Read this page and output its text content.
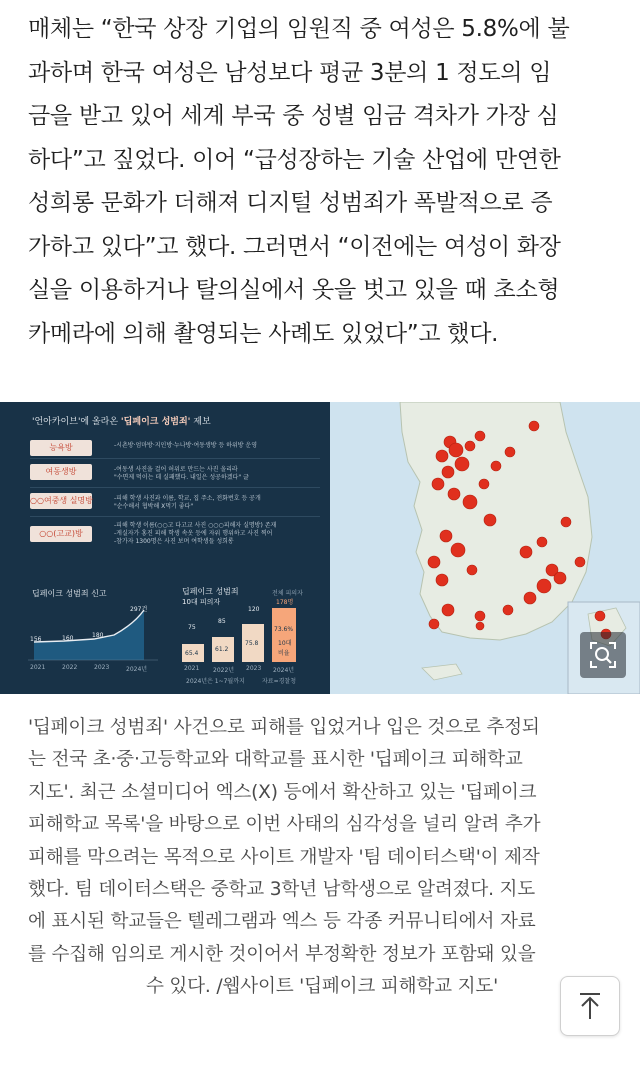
매체는 “한국 상장 기업의 임원직 중 여성은 5.8%에 불
과하며 한국 여성은 남성보다 평균 3분의 1 정도의 임
금을 받고 있어 세계 부국 중 성별 임금 격차가 가장 심
하다”고 짚었다. 이어 “급성장하는 기술 산업에 만연한
성희롱 문화가 더해져 디지털 성범죄가 폭발적으로 증
가하고 있다”고 했다. 그러면서 “이전에는 여성이 화장
실을 이용하거나 탈의실에서 옷을 벗고 있을 때 초소형
카메라에 의해 촬영되는 사례도 있었다”고 했다.
'언아카이브'에 올라온 '딥페이크 성범죄' 제보
능욕방	-시촌방·엄마방·지인방·누나방·여동생방 등 하위방 운영
여동생방	-여동생 사진을 걸어 허위로 만드는 사진 올리라
"수면제 먹이는 데 실패했다. 내일은 성공하겠다" 글
○○여중생 실명방	-피해 학생 사진과 이름, 학교, 집 주소, 전화번호 등 공개
"순수해서 협박해 X먹기 좋다"
○○(고교)방
-피해 학생 이름(○○고 다고교 사진 ○○○피해자 실명방) 존재
-게실자가 홍진 피해 학생 속옷 등에 자위 행위하고 사진 찍어
-참가자 1300명은 사진 보며 여학생들 성희롱
딥페이크 성범죄 신고
156	160	180
297건
2021	2022	2023	2024년
딥페이크 성범죄
10대 피의자
전체 피의자
178명
75
85
120
65.4
61.2
75.8
73.6%
10대
비율
2021 2022년 2023 2024년
2024년은 1~7월까지	자료=경찰청
'딥페이크 성범죄' 사건으로 피해를 입었거나 입은 것으로 추정되
는 전국 초·중·고등학교와 대학교를 표시한 '딥페이크 피해학교
지도'. 최근 소셜미디어 엑스(X) 등에서 확산하고 있는 '딥페이크
피해학교 목록'을 바탕으로 이번 사태의 심각성을 널리 알려 추가
피해를 막으려는 목적으로 사이트 개발자 '팀 데이터스택'이 제작
했다. 팀 데이터스택은 중학교 3학년 남학생으로 알려졌다. 지도
에 표시된 학교들은 텔레그램과 엑스 등 각종 커뮤니티에서 자료
를 수집해 임의로 게시한 것이어서 부정확한 정보가 포함돼 있을
수 있다. /웹사이트 '딥페이크 피해학교 지도'
